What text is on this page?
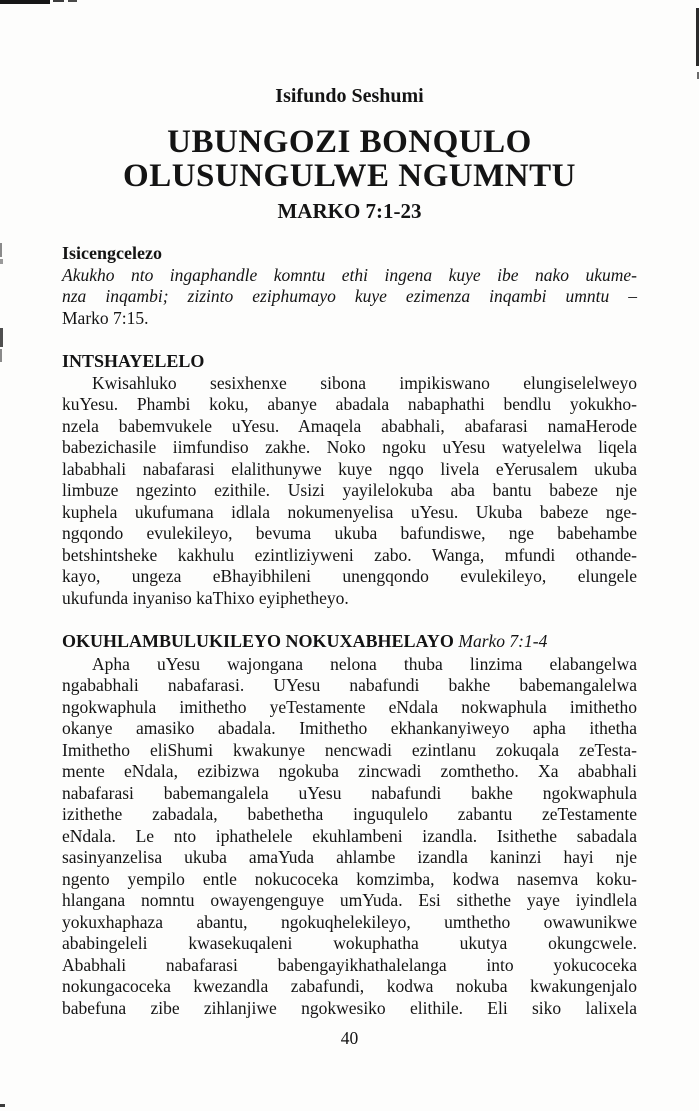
Isifundo Seshumi
UBUNGOZI BONQULO
OLUSUNGULWE NGUMNTU
MARKO 7:1-23
Isicengcelezo
Akukho nto ingaphandle komntu ethi ingena kuye ibe nako ukume-
nza inqambi; zizinto eziphumayo kuye ezimenza inqambi umntu –
Marko 7:15.
INTSHAYELELO
Kwisahluko sesixhenxe sibona impikiswano elungiselelweyo
kuYesu. Phambi koku, abanye abadala nabaphathi bendlu yokukho-
nzela babemvukele uYesu. Amaqela ababhali, abafarasi namaHerode
babezichasile iimfundiso zakhe. Noko ngoku uYesu watyelelwa liqela
lababhali nabafarasi elalithunywe kuye ngqo livela eYerusalem ukuba
limbuze ngezinto ezithile. Usizi yayilelokuba aba bantu babeze nje
kuphela ukufumana idlala nokumenyelisa uYesu. Ukuba babeze nge-
ngqondo evulekileyo, bevuma ukuba bafundiswe, nge babehambe
betshintsheke kakhulu ezintliziyweni zabo. Wanga, mfundi othande-
kayo, ungeza eBhayibhileni unengqondo evulekileyo, elungele
ukufunda inyaniso kaThixo eyiphetheyo.
OKUHLAMBULUKILEYO NOKUXABHELAYO Marko 7:1-4
Apha uYesu wajongana nelona thuba linzima elabangelwa
ngababhali nabafarasi. UYesu nabafundi bakhe babemangalelwa
ngokwaphula imithetho yeTestamente eNdala nokwaphula imithetho
okanye amasiko abadala. Imithetho ekhankanyiweyo apha ithetha
Imithetho eliShumi kwakunye nencwadi ezintlanu zokuqala zeTesta-
mente eNdala, ezibizwa ngokuba zincwadi zomthetho. Xa ababhali
nabafarasi babemangalela uYesu nabafundi bakhe ngokwaphula
izithethe zabadala, babethetha inguqulelo zabantu zeTestamente
eNdala. Le nto iphathelele ekuhlambeni izandla. Isithethe sabadala
sasinyanzelisa ukuba amaYuda ahlambe izandla kaninzi hayi nje
ngento yempilo entle nokucoceka komzimba, kodwa nasemva koku-
hlangana nomntu owayengenguye umYuda. Esi sithethe yaye iyindlela
yokuxhaphaza abantu, ngokuqhelekileyo, umthetho owawunikwe
ababingeleli kwasekuqaleni wokuphatha ukutya okungcwele.
Ababhali nabafarasi babengayikhathalelanga into yokucoceka
nokungacoceka kwezandla zabafundi, kodwa nokuba kwakungenjalo
babefuna zibe zihlanjiwe ngokwesiko elithile. Eli siko lalixela
40
